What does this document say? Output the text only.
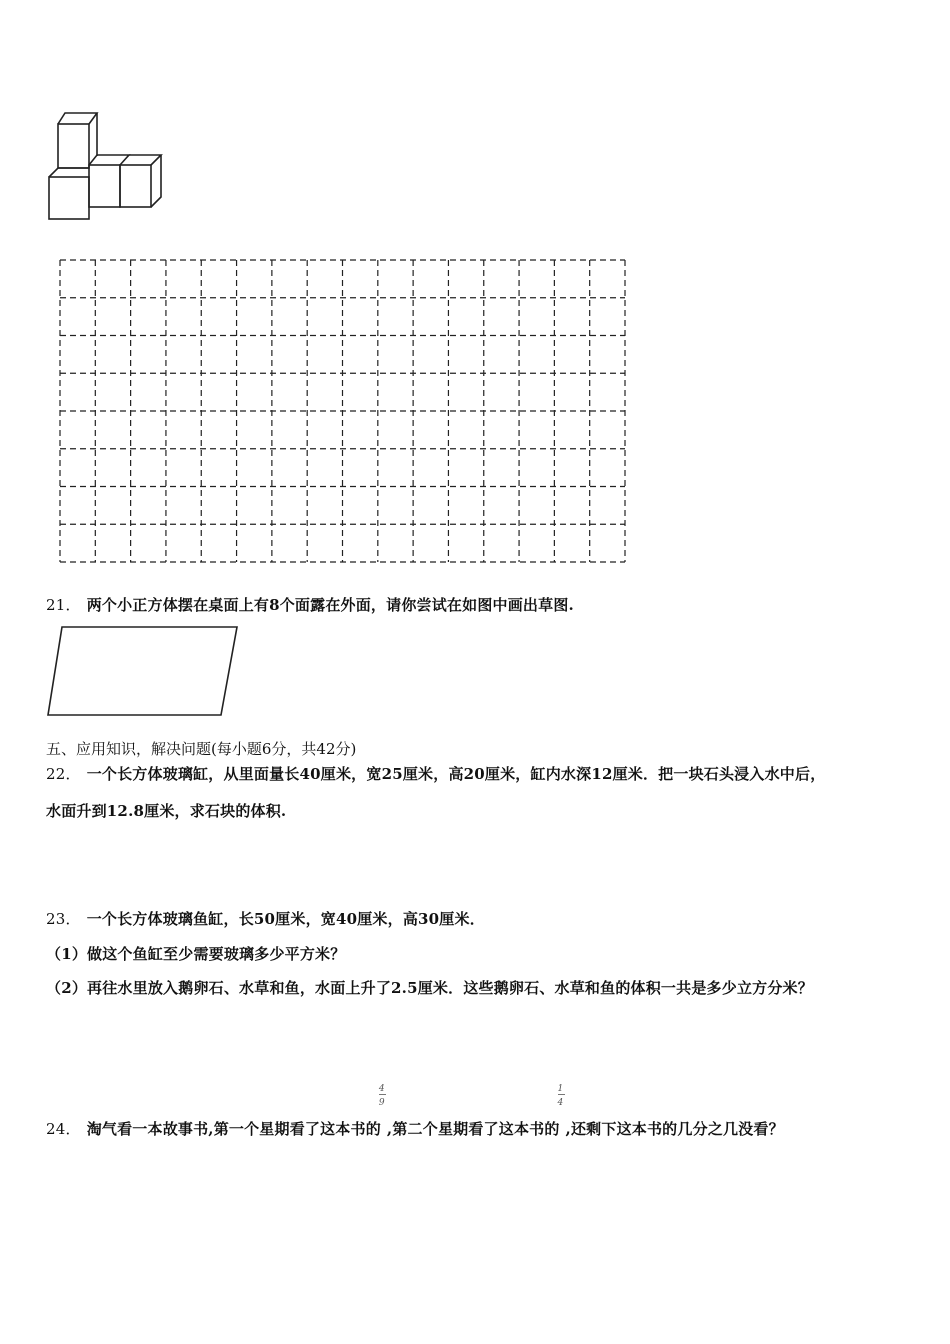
21． 两个小正方体摆在桌面上有8个面露在外面，请你尝试在如图中画出草图.
五、应用知识，解决问题(每小题6分，共42分)
22． 一个长方体玻璃缸，从里面量长40厘米，宽25厘米，高20厘米，缸内水深12厘米．把一块石头浸入水中后，
水面升到12.8厘米，求石块的体积.
23． 一个长方体玻璃鱼缸，长50厘米，宽40厘米，高30厘米．
（1）做这个鱼缸至少需要玻璃多少平方米？
（2）再往水里放入鹅卵石、水草和鱼，水面上升了2.5厘米．这些鹅卵石、水草和鱼的体积一共是多少立方分米？
24． 淘气看一本故事书,第一个星期看了这本书的 $\frac{4}{9}$ ,第二个星期看了这本书的 $\frac{1}{4}$ ,还剩下这本书的几分之几没看？
